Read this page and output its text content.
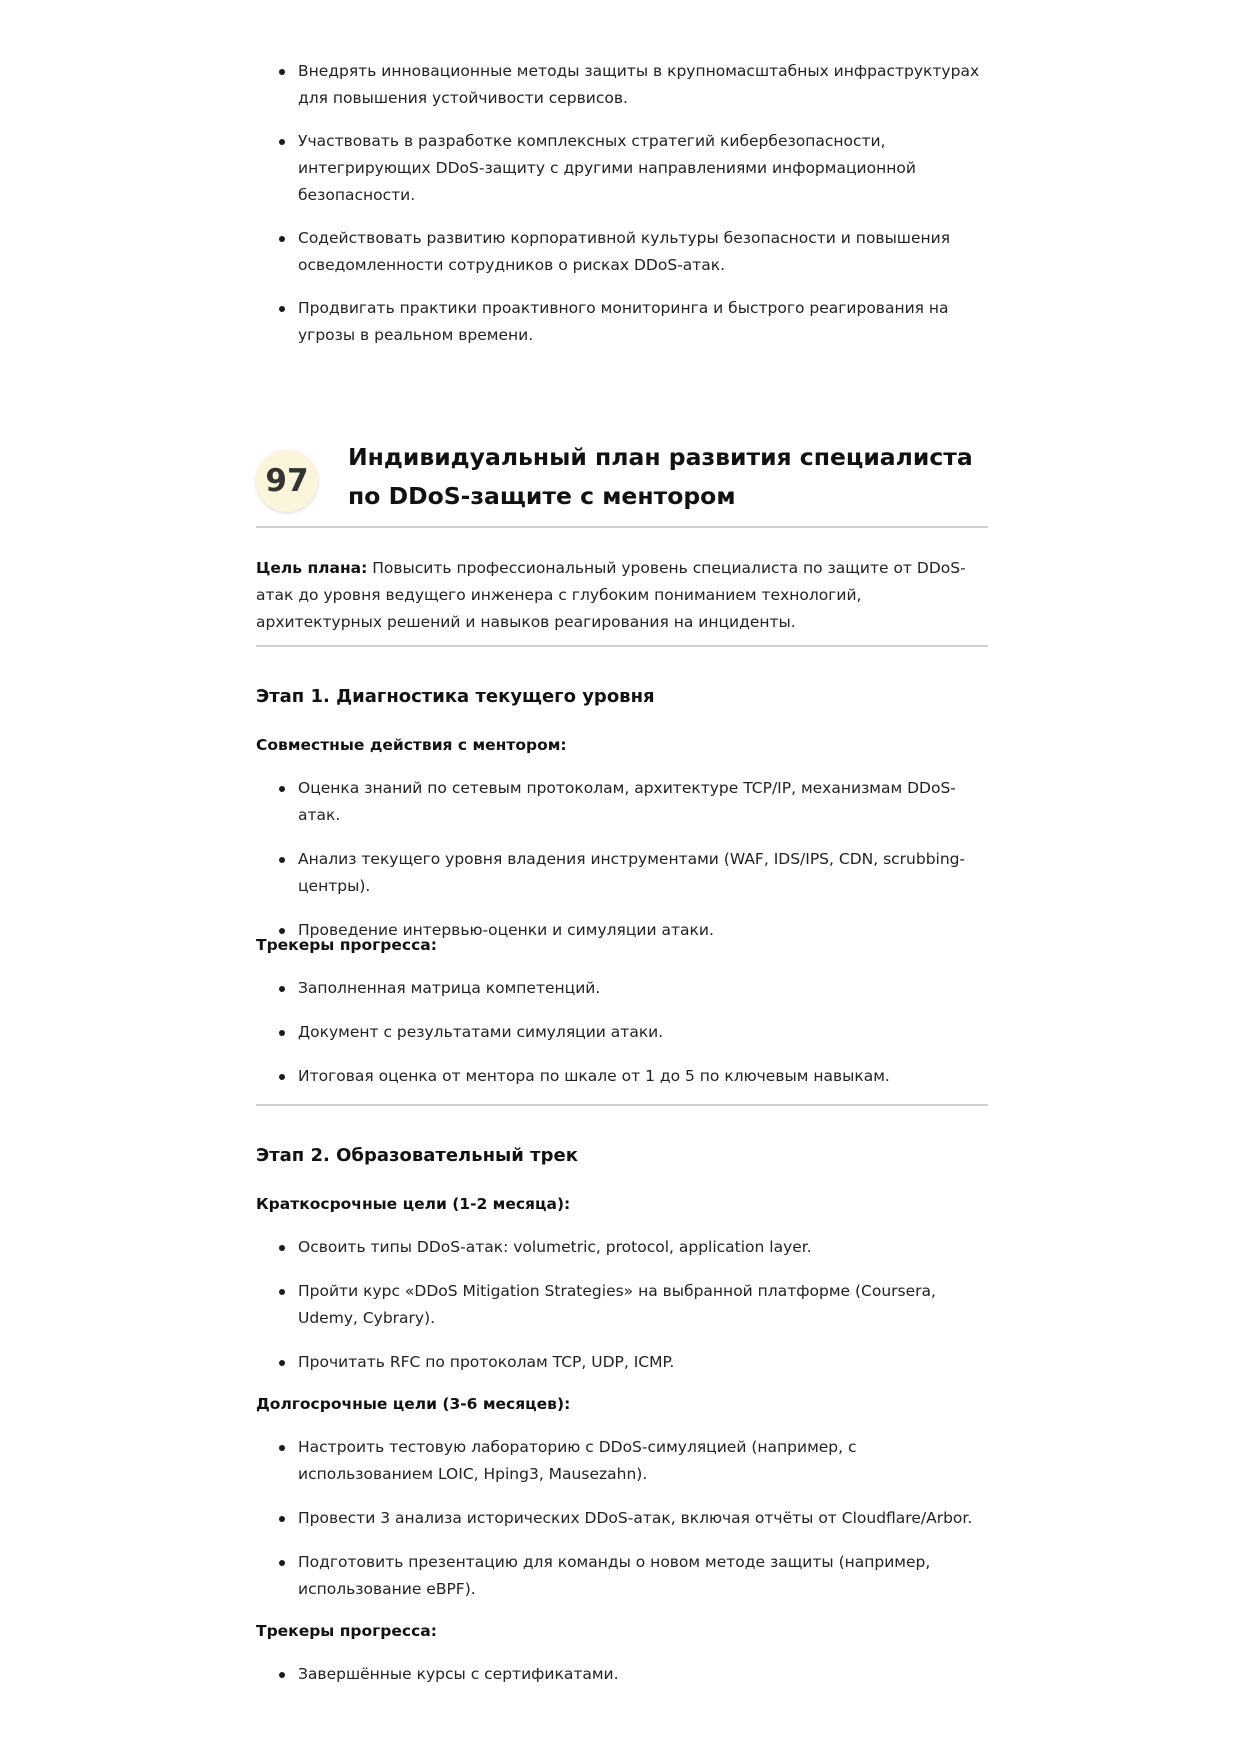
Внедрять инновационные методы защиты в крупномасштабных инфраструктурах для повышения устойчивости сервисов.
Участвовать в разработке комплексных стратегий кибербезопасности, интегрирующих DDoS-защиту с другими направлениями информационной безопасности.
Содействовать развитию корпоративной культуры безопасности и повышения осведомленности сотрудников о рисках DDoS-атак.
Продвигать практики проактивного мониторинга и быстрого реагирования на угрозы в реальном времени.
97
Индивидуальный план развития специалиста по DDoS-защите с ментором

Цель плана: Повысить профессиональный уровень специалиста по защите от DDoS-атак до уровня ведущего инженера с глубоким пониманием технологий, архитектурных решений и навыков реагирования на инциденты.

Этап 1. Диагностика текущего уровня

Совместные действия с ментором:

Оценка знаний по сетевым протоколам, архитектуре TCP/IP, механизмам DDoS-атак.
Анализ текущего уровня владения инструментами (WAF, IDS/IPS, CDN, scrubbing-центры).
Проведение интервью-оценки и симуляции атаки.

Трекеры прогресса:

Заполненная матрица компетенций.
Документ с результатами симуляции атаки.
Итоговая оценка от ментора по шкале от 1 до 5 по ключевым навыкам.
Этап 2. Образовательный трек

Краткосрочные цели (1-2 месяца):

Освоить типы DDoS-атак: volumetric, protocol, application layer.
Пройти курс «DDoS Mitigation Strategies» на выбранной платформе (Coursera, Udemy, Cybrary).
Прочитать RFC по протоколам TCP, UDP, ICMP.

Долгосрочные цели (3-6 месяцев):

Настроить тестовую лабораторию с DDoS-симуляцией (например, с использованием LOIC, Hping3, Mausezahn).
Провести 3 анализа исторических DDoS-атак, включая отчёты от Cloudflare/Arbor.
Подготовить презентацию для команды о новом методе защиты (например, использование eBPF).

Трекеры прогресса:

Завершённые курсы с сертификатами.
